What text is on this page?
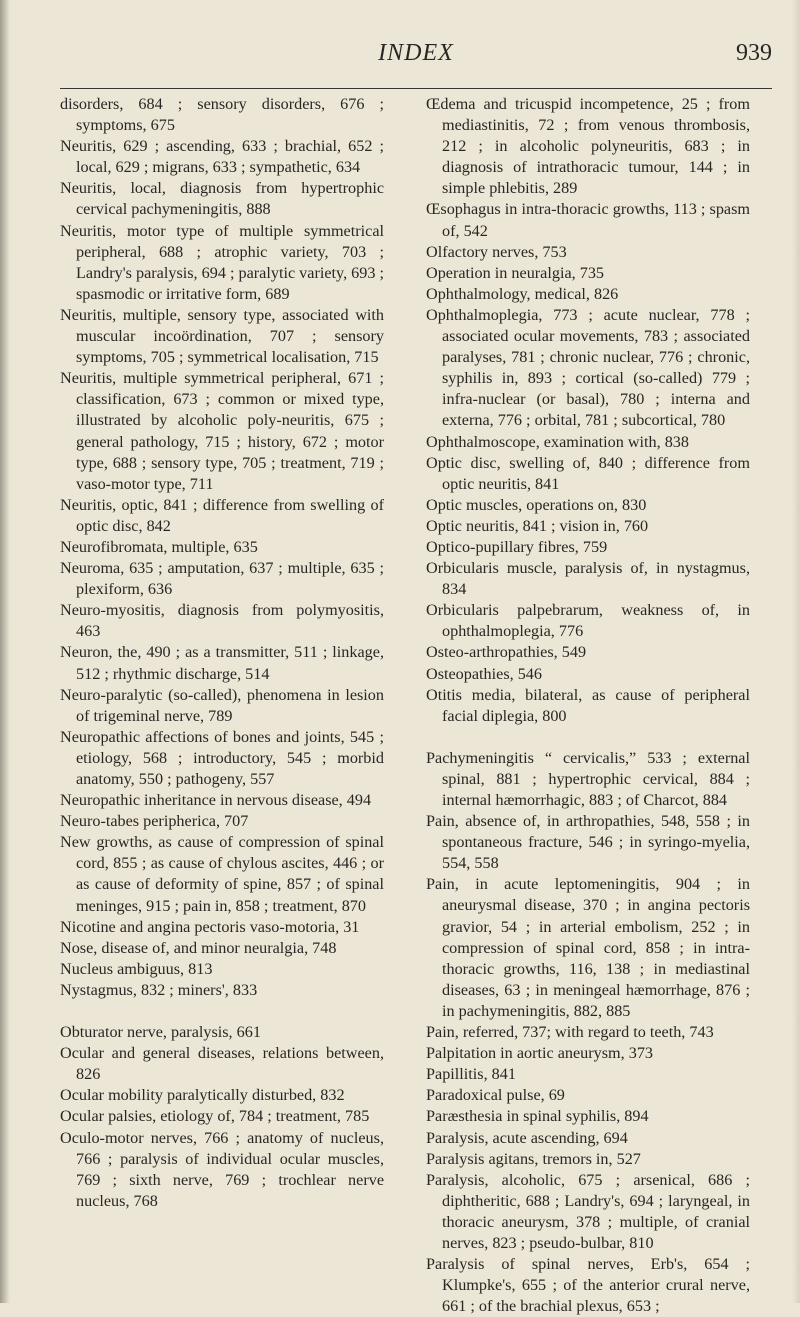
INDEX	939

disorders, 684 ; sensory disorders, 676 ; symptoms, 675

Neuritis, 629 ; ascending, 633 ; brachial, 652 ; local, 629 ; migrans, 633 ; sympathetic, 634

Neuritis, local, diagnosis from hypertrophic cervical pachymeningitis, 888

Neuritis, motor type of multiple symmetrical peripheral, 688 ; atrophic variety, 703 ; Landry's paralysis, 694 ; paralytic variety, 693 ; spasmodic or irritative form, 689

Neuritis, multiple, sensory type, associated with muscular incoördination, 707 ; sensory symptoms, 705 ; symmetrical localisation, 715

Neuritis, multiple symmetrical peripheral, 671 ; classification, 673 ; common or mixed type, illustrated by alcoholic poly-neuritis, 675 ; general pathology, 715 ; history, 672 ; motor type, 688 ; sensory type, 705 ; treatment, 719 ; vaso-motor type, 711

Neuritis, optic, 841 ; difference from swelling of optic disc, 842

Neurofibromata, multiple, 635

Neuroma, 635 ; amputation, 637 ; multiple, 635 ; plexiform, 636

Neuro-myositis, diagnosis from polymyositis, 463

Neuron, the, 490 ; as a transmitter, 511 ; linkage, 512 ; rhythmic discharge, 514

Neuro-paralytic (so-called), phenomena in lesion of trigeminal nerve, 789

Neuropathic affections of bones and joints, 545 ; etiology, 568 ; introductory, 545 ; morbid anatomy, 550 ; pathogeny, 557

Neuropathic inheritance in nervous disease, 494

Neuro-tabes peripherica, 707

New growths, as cause of compression of spinal cord, 855 ; as cause of chylous ascites, 446 ; or as cause of deformity of spine, 857 ; of spinal meninges, 915 ; pain in, 858 ; treatment, 870

Nicotine and angina pectoris vaso-motoria, 31

Nose, disease of, and minor neuralgia, 748

Nucleus ambiguus, 813

Nystagmus, 832 ; miners', 833

Obturator nerve, paralysis, 661

Ocular and general diseases, relations between, 826

Ocular mobility paralytically disturbed, 832

Ocular palsies, etiology of, 784 ; treatment, 785

Oculo-motor nerves, 766 ; anatomy of nucleus, 766 ; paralysis of individual ocular muscles, 769 ; sixth nerve, 769 ; trochlear nerve nucleus, 768

Œdema and tricuspid incompetence, 25 ; from mediastinitis, 72 ; from venous thrombosis, 212 ; in alcoholic polyneuritis, 683 ; in diagnosis of intrathoracic tumour, 144 ; in simple phlebitis, 289

Œsophagus in intra-thoracic growths, 113 ; spasm of, 542

Olfactory nerves, 753

Operation in neuralgia, 735

Ophthalmology, medical, 826

Ophthalmoplegia, 773 ; acute nuclear, 778 ; associated ocular movements, 783 ; associated paralyses, 781 ; chronic nuclear, 776 ; chronic, syphilis in, 893 ; cortical (so-called) 779 ; infra-nuclear (or basal), 780 ; interna and externa, 776 ; orbital, 781 ; subcortical, 780

Ophthalmoscope, examination with, 838

Optic disc, swelling of, 840 ; difference from optic neuritis, 841

Optic muscles, operations on, 830

Optic neuritis, 841 ; vision in, 760

Optico-pupillary fibres, 759

Orbicularis muscle, paralysis of, in nystagmus, 834

Orbicularis palpebrarum, weakness of, in ophthalmoplegia, 776

Osteo-arthropathies, 549

Osteopathies, 546

Otitis media, bilateral, as cause of peripheral facial diplegia, 800

Pachymeningitis “ cervicalis,” 533 ; external spinal, 881 ; hypertrophic cervical, 884 ; internal hæmorrhagic, 883 ; of Charcot, 884

Pain, absence of, in arthropathies, 548, 558 ; in spontaneous fracture, 546 ; in syringo-myelia, 554, 558

Pain, in acute leptomeningitis, 904 ; in aneurysmal disease, 370 ; in angina pectoris gravior, 54 ; in arterial embolism, 252 ; in compression of spinal cord, 858 ; in intra-thoracic growths, 116, 138 ; in mediastinal diseases, 63 ; in meningeal hæmorrhage, 876 ; in pachymeningitis, 882, 885

Pain, referred, 737; with regard to teeth, 743

Palpitation in aortic aneurysm, 373

Papillitis, 841

Paradoxical pulse, 69

Paræsthesia in spinal syphilis, 894

Paralysis, acute ascending, 694

Paralysis agitans, tremors in, 527

Paralysis, alcoholic, 675 ; arsenical, 686 ; diphtheritic, 688 ; Landry's, 694 ; laryngeal, in thoracic aneurysm, 378 ; multiple, of cranial nerves, 823 ; pseudo-bulbar, 810

Paralysis of spinal nerves, Erb's, 654 ; Klumpke's, 655 ; of the anterior crural nerve, 661 ; of the brachial plexus, 653 ;
